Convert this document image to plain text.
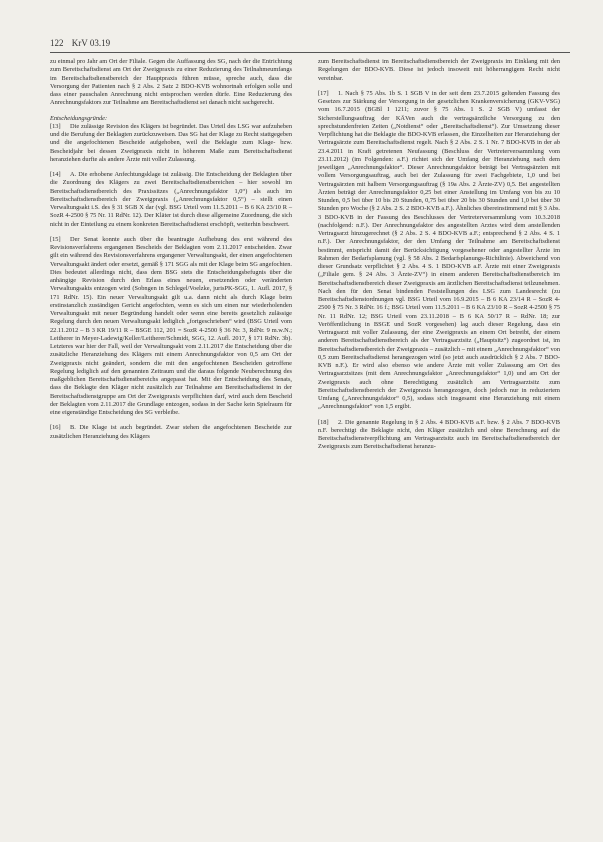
122 KrV 03.19

zu einmal pro Jahr am Ort der Filiale. Gegen die Auffassung des SG, nach der die Entrichtung zum Bereitschaftsdienst am Ort der Zweigpraxis zu einer Reduzierung des Teilnahmeumfangs im Bereitschaftsdienstbereich der Hauptpraxis führen müsse, spreche auch, dass die Versorgung der Patienten nach § 2 Abs. 2 Satz 2 BDO-KVB wohnortnah erfolgen solle und dass einer pauschalen Anrechnung nicht entsprochen werden dürfe. Eine Reduzierung des Anrechnungsfaktors zur Teilnahme am Bereitschaftsdienst sei danach nicht sachgerecht.

Entscheidungsgründe:

[13] Die zulässige Revision des Klägers ist begründet. Das Urteil des LSG war aufzuheben und die Berufung der Beklagten zurückzuweisen. Das SG hat der Klage zu Recht stattgegeben und die angefochtenen Bescheide aufgehoben, weil die Beklagte zum Klage- bzw. Bescheidjahr bei dessen Zweigpraxis nicht in höherem Maße zum Bereitschaftsdienst heranziehen durfte als andere Ärzte mit voller Zulassung.

[14] A. Die erhobene Anfechtungsklage ist zulässig. Die Entscheidung der Beklagten über die Zuordnung des Klägers zu zwei Bereitschaftsdienstbereichen – hier sowohl im Bereitschaftsdienstbereich des Praxissitzes („Anrechnungsfaktor 1,0“) als auch im Bereitschaftsdienstbereich der Zweigpraxis („Anrechnungsfaktor 0,5“) – stellt einen Verwaltungsakt i.S. des § 31 SGB X dar (vgl. BSG Urteil vom 11.5.2011 – B 6 KA 23/10 R – SozR 4-2500 § 75 Nr. 11 RdNr. 12). Der Kläter ist durch diese allgemeine Zuordnung, die sich nicht in der Einteilung zu einem konkreten Bereitschaftsdienst erschöpft, weiterhin beschwert.

[15] Der Senat konnte auch über die beantragte Aufhebung des erst während des Revisionsverfahrens ergangenen Bescheids der Beklagten vom 2.11.2017 entscheiden. Zwar gilt ein während des Revisionsverfahrens ergangener Verwaltungsakt, der einen angefochtenen Verwaltungsakt ändert oder ersetzt, gemäß § 171 SGG als mit der Klage beim SG angefochten. Dies bedeutet allerdings nicht, dass dem BSG stets die Entscheidungsbefugnis über die anhängige Revision durch den Erlass eines neuen, ersetzenden oder veränderten Verwaltungsakts entzogen wird (Sobngen in Schlegel/Voelzke, jurisPK-SGG, 1. Aufl. 2017, § 171 RdNr. 15). Ein neuer Verwaltungsakt gilt u.a. dann nicht als durch Klage beim erstinstanzlich zuständigen Gericht angefochten, wenn es sich um einen nur wiederholenden Verwaltungsakt mit neuer Begründung handelt oder wenn eine bereits gesetzlich zulässige Regelung durch den neuen Verwaltungsakt lediglich „fortgeschrieben“ wird (BSG Urteil vom 22.11.2012 – B 3 KR 19/11 R – BSGE 112, 201 = SozR 4-2500 § 36 Nr. 3, RdNr. 9 m.w.N.; Leitherer in Meyer-Ladewig/Keller/Leitherer/Schmidt, SGG, 12. Aufl. 2017, § 171 RdNr. 3b). Letzteres war hier der Fall, weil der Verwaltungsakt vom 2.11.2017 die Entscheidung über die zusätzliche Heranziehung des Klägers mit einem Anrechnungsfaktor von 0,5 am Ort der Zweigpraxis nicht geändert, sondern die mit den angefochtenen Bescheiden getroffene Regelung lediglich auf den genannten Zeitraum und die daraus folgende Neuberechnung des maßgeblichen Bereitschaftsdienstbereichs angepasst hat. Mit der Entscheidung des Senats, dass die Beklagte den Kläger nicht zusätzlich zur Teilnahme am Bereitschaftsdienst in der Bereitschaftsdienstgruppe am Ort der Zweigpraxis verpflichten darf, wird auch dem Bescheid der Beklagten vom 2.11.2017 die Grundlage entzogen, sodass in der Sache kein Spielraum für eine eigenständige Entscheidung des SG verbleibe.

[16] B. Die Klage ist auch begründet. Zwar stehen die angefochtenen Bescheide zur zusätzlichen Heranziehung des Klägers

zum Bereitschaftsdienst im Bereitschaftsdienstbereich der Zweigpraxis im Einklang mit den Regelungen der BDO-KVB. Diese ist jedoch insoweit mit höherrangigem Recht nicht vereinbar.

[17] 1. Nach § 75 Abs. 1b S. 1 SGB V in der seit dem 23.7.2015 geltenden Fassung des Gesetzes zur Stärkung der Versorgung in der gesetzlichen Krankenversicherung (GKV-VSG) vom 16.7.2015 (BGBl I 1211; zuvor § 75 Abs. 1 S. 2 SGB V) umfasst der Sicherstellungsauftrag der KÄVen auch die vertragsärztliche Versorgung zu den sprechstundenfreien Zeiten („Notdienst“ oder „Bereitschaftsdienst“). Zur Umsetzung dieser Verpflichtung hat die Beklagte die BDO-KVB erlassen, die Einzelheiten zur Heranziehung der Vertragsärzte zum Bereitschaftsdienst regelt. Nach § 2 Abs. 2 S. 1 Nr. 7 BDO-KVB in der ab 23.4.2011 in Kraft getretenen Neufassung (Beschluss der Vertreterversammlung vom 23.11.2012) (im Folgenden: a.F.) richtet sich der Umfang der Heranziehung nach dem jeweiligen „Anrechnungsfaktor“. Dieser Anrechnungsfaktor beträgt bei Vertragsärzten mit vollem Versorgungsauftrag, auch bei der Zulassung für zwei Fachgebiete, 1,0 und bei Vertragsärzten mit halbem Versorgungsauftrag (§ 19a Abs. 2 Ärzte-ZV) 0,5. Bei angestellten Ärzten beträgt der Anrechnungsfaktor 0,25 bei einer Anstellung im Umfang von bis zu 10 Stunden, 0,5 bei über 10 bis 20 Stunden, 0,75 bei über 20 bis 30 Stunden und 1,0 bei über 30 Stunden pro Woche (§ 2 Abs. 2 S. 2 BDO-KVB a.F.). Ähnliches übereinstimmend mit § 3 Abs. 3 BDO-KVB in der Fassung des Beschlusses der Vertreterversammlung vom 10.3.2018 (nachfolgend: n.F.). Der Anrechnungsfaktor des angestellten Arztes wird dem anstellenden Vertragsarzt hinzugerechnet (§ 2 Abs. 2 S. 4 BDO-KVB a.F.; entsprechend § 2 Abs. 4 S. 1 n.F.). Der Anrechnungsfaktor, der den Umfang der Teilnahme am Bereitschaftsdienst bestimmt, entspricht damit der Berücksichtigung vorgesehener oder angestellter Ärzte im Rahmen der Bedarfsplanung (vgl. § 58 Abs. 2 Bedarfsplanungs-Richtlinie). Abweichend von dieser Grundsatz verpflichtet § 2 Abs. 4 S. 1 BDO-KVB a.F. Ärzte mit einer Zweigpraxis („Filiale gem. § 24 Abs. 3 Ärzte-ZV“) in einem anderen Bereitschaftsdienstbereich im Bereitschaftsdienstbereich dieser Zweigpraxis am ärztlichen Bereitschaftsdienst teilzunehmen. Nach den für den Senat bindenden Feststellungen des LSG zum Landesrecht (zu Bereitschaftsdienstordnungen vgl. BSG Urteil vom 16.9.2015 – B 6 KA 23/14 R – SozR 4-2500 § 75 Nr. 3 RdNr. 16 f.; BSG Urteil vom 11.5.2011 – B 6 KA 23/10 R – SozR 4-2500 § 75 Nr. 11 RdNr. 12; BSG Urteil vom 23.11.2018 – B 6 KA 50/17 R – RdNr. 18; zur Veröffentlichung in BSGE und SozR vorgesehen) lag auch dieser Regelung, dass ein Vertragsarzt mit voller Zulassung, der eine Zweigpraxis an einem Ort betreibt, der einem anderen Bereitschaftsdienstbereich als der Vertragsarztsitz („Hauptsitz“) zugeordnet ist, im Bereitschaftsdienstbereich der Zweigpraxis – zusätzlich – mit einem „Anrechnungsfaktor“ von 0,5 zum Bereitschaftsdienst herangezogen wird (so jetzt auch ausdrücklich § 2 Abs. 7 BDO-KVB n.F.). Er wird also ebenso wie andere Ärzte mit voller Zulassung am Ort des Vertragsarztsitzes (mit dem Anrechnungsfaktor „Anrechnungsfaktor“ 1,0) und am Ort der Zweigpraxis auch ohne Berechtigung zusätzlich am Vertragsarztsitz zum Bereitschaftsdienstbereich der Zweigpraxis herangezogen, doch jedoch nur in reduziertem Umfang („Anrechnungsfaktor“ 0,5), sodass sich insgesamt eine Heranziehung mit einem „Anrechnungsfaktor“ von 1,5 ergibt.

[18] 2. Die genannte Regelung in § 2 Abs. 4 BDO-KVB a.F. bzw. § 2 Abs. 7 BDO-KVB n.F. berechtigt die Beklagte nicht, den Kläger zusätzlich und ohne Berechnung auf die Bereitschaftsdienstverpflichtung am Vertragsarztsitz auch im Bereitschaftsdienstbereich der Zweigpraxis zum Bereitschaftsdienst heranzu-
